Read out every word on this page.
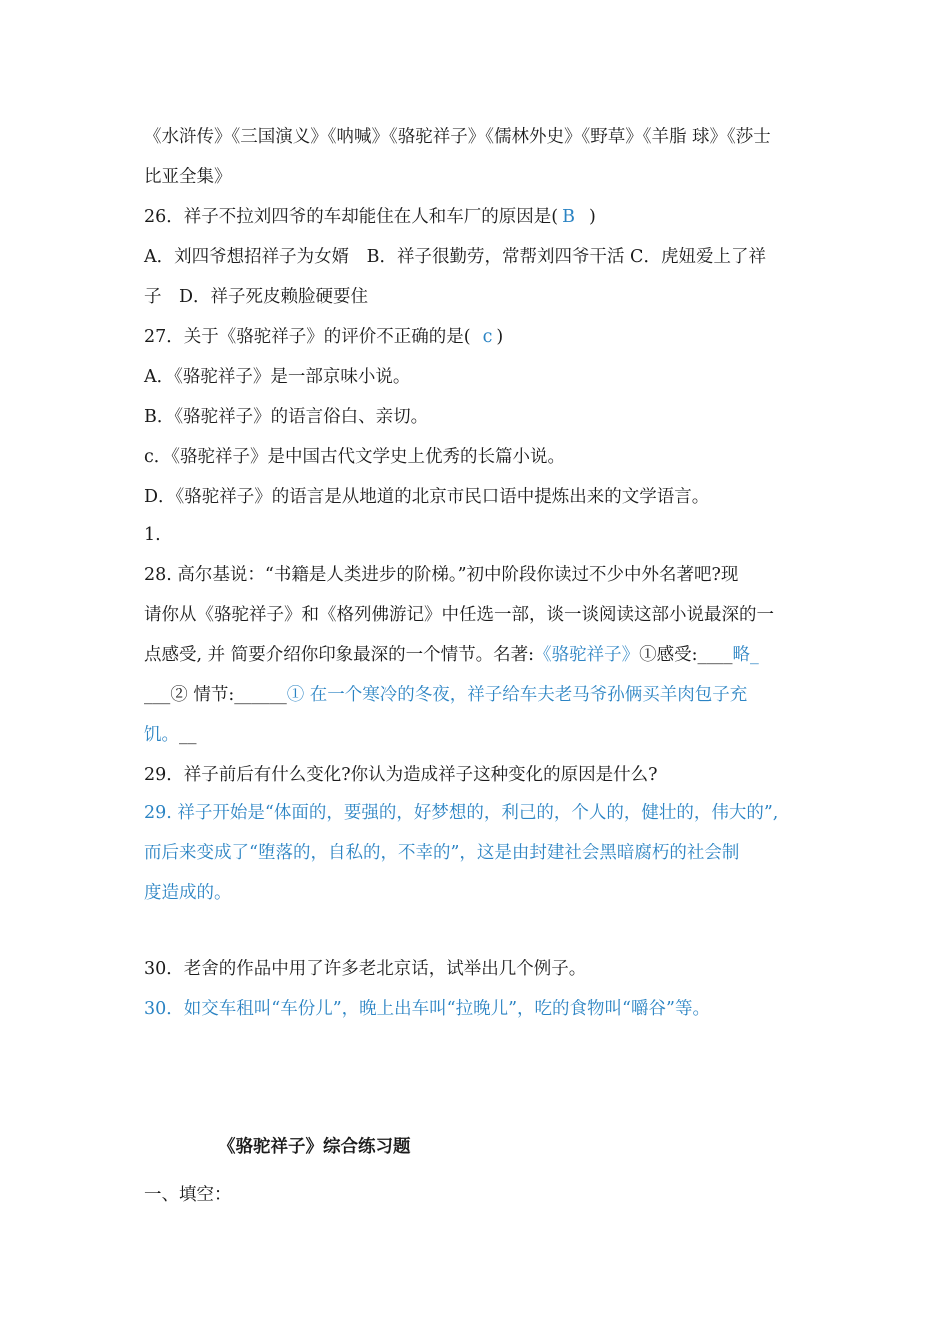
《水浒传》《三国演义》《呐喊》《骆驼祥子》《儒林外史》《野草》《羊脂 球》《莎士
比亚全集》
26．祥子不拉刘四爷的车却能住在人和车厂的原因是( B )
A．刘四爷想招祥子为女婿　B．祥子很勤劳，常帮刘四爷干活 C．虎妞爱上了祥
子　D．祥子死皮赖脸硬要住
27．关于《骆驼祥子》的评价不正确的是( c )
A．《骆驼祥子》是一部京味小说。
B．《骆驼祥子》的语言俗白、亲切。
c．《骆驼祥子》是中国古代文学史上优秀的长篇小说。
D．《骆驼祥子》的语言是从地道的北京市民口语中提炼出来的文学语言。
1.
28. 高尔基说：“书籍是人类进步的阶梯。”初中阶段你读过不少中外名著吧?现
请你从《骆驼祥子》和《格列佛游记》中任选一部，谈一谈阅读这部小说最深的一
点感受, 并 简要介绍你印象最深的一个情节。名著:《骆驼祥子》①感受:____略_
___② 情节:______① 在一个寒冷的冬夜，祥子给车夫老马爷孙俩买羊肉包子充
饥。__
29．祥子前后有什么变化?你认为造成祥子这种变化的原因是什么?
29. 祥子开始是“体面的，要强的，好梦想的，利己的，个人的，健壮的，伟大的”,
而后来变成了“堕落的，自私的，不幸的”，这是由封建社会黑暗腐朽的社会制
度造成的。
30．老舍的作品中用了许多老北京话，试举出几个例子。
30．如交车租叫“车份儿”，晚上出车叫“拉晚儿”，吃的食物叫“嚼谷”等。
《骆驼祥子》综合练习题
一、填空：
